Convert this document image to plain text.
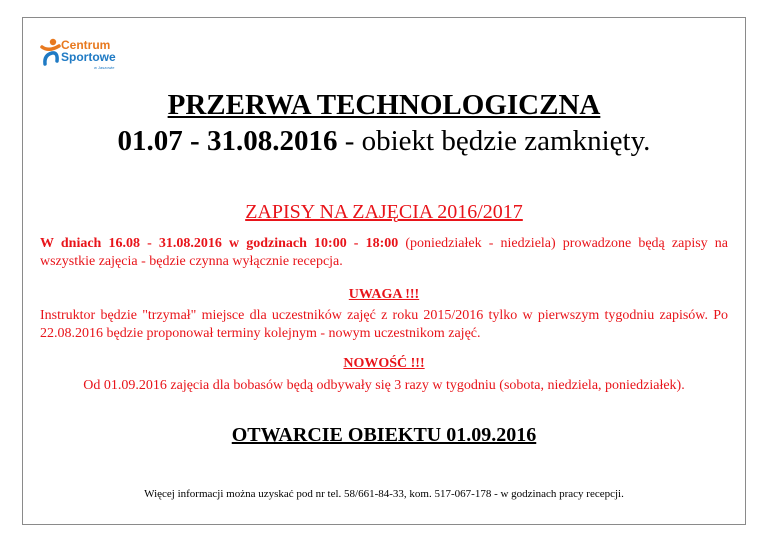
Centrum
Sportowe
w Jaszowie
PRZERWA TECHNOLOGICZNA
01.07 - 31.08.2016 - obiekt będzie zamknięty.
ZAPISY NA ZAJĘCIA 2016/2017
W dniach 16.08 - 31.08.2016 w godzinach 10:00 - 18:00 (poniedziałek - niedziela) prowadzone będą zapisy na wszystkie zajęcia - będzie czynna wyłącznie recepcja.
UWAGA !!!
Instruktor będzie "trzymał" miejsce dla uczestników zajęć z roku 2015/2016 tylko w pierwszym tygodniu zapisów. Po 22.08.2016 będzie proponował terminy kolejnym - nowym uczestnikom zajęć.
NOWOŚĆ !!!
Od 01.09.2016 zajęcia dla bobasów będą odbywały się 3 razy w tygodniu (sobota, niedziela, poniedziałek).
OTWARCIE OBIEKTU 01.09.2016
Więcej informacji można uzyskać pod nr tel. 58/661-84-33, kom. 517-067-178 - w godzinach pracy recepcji.
